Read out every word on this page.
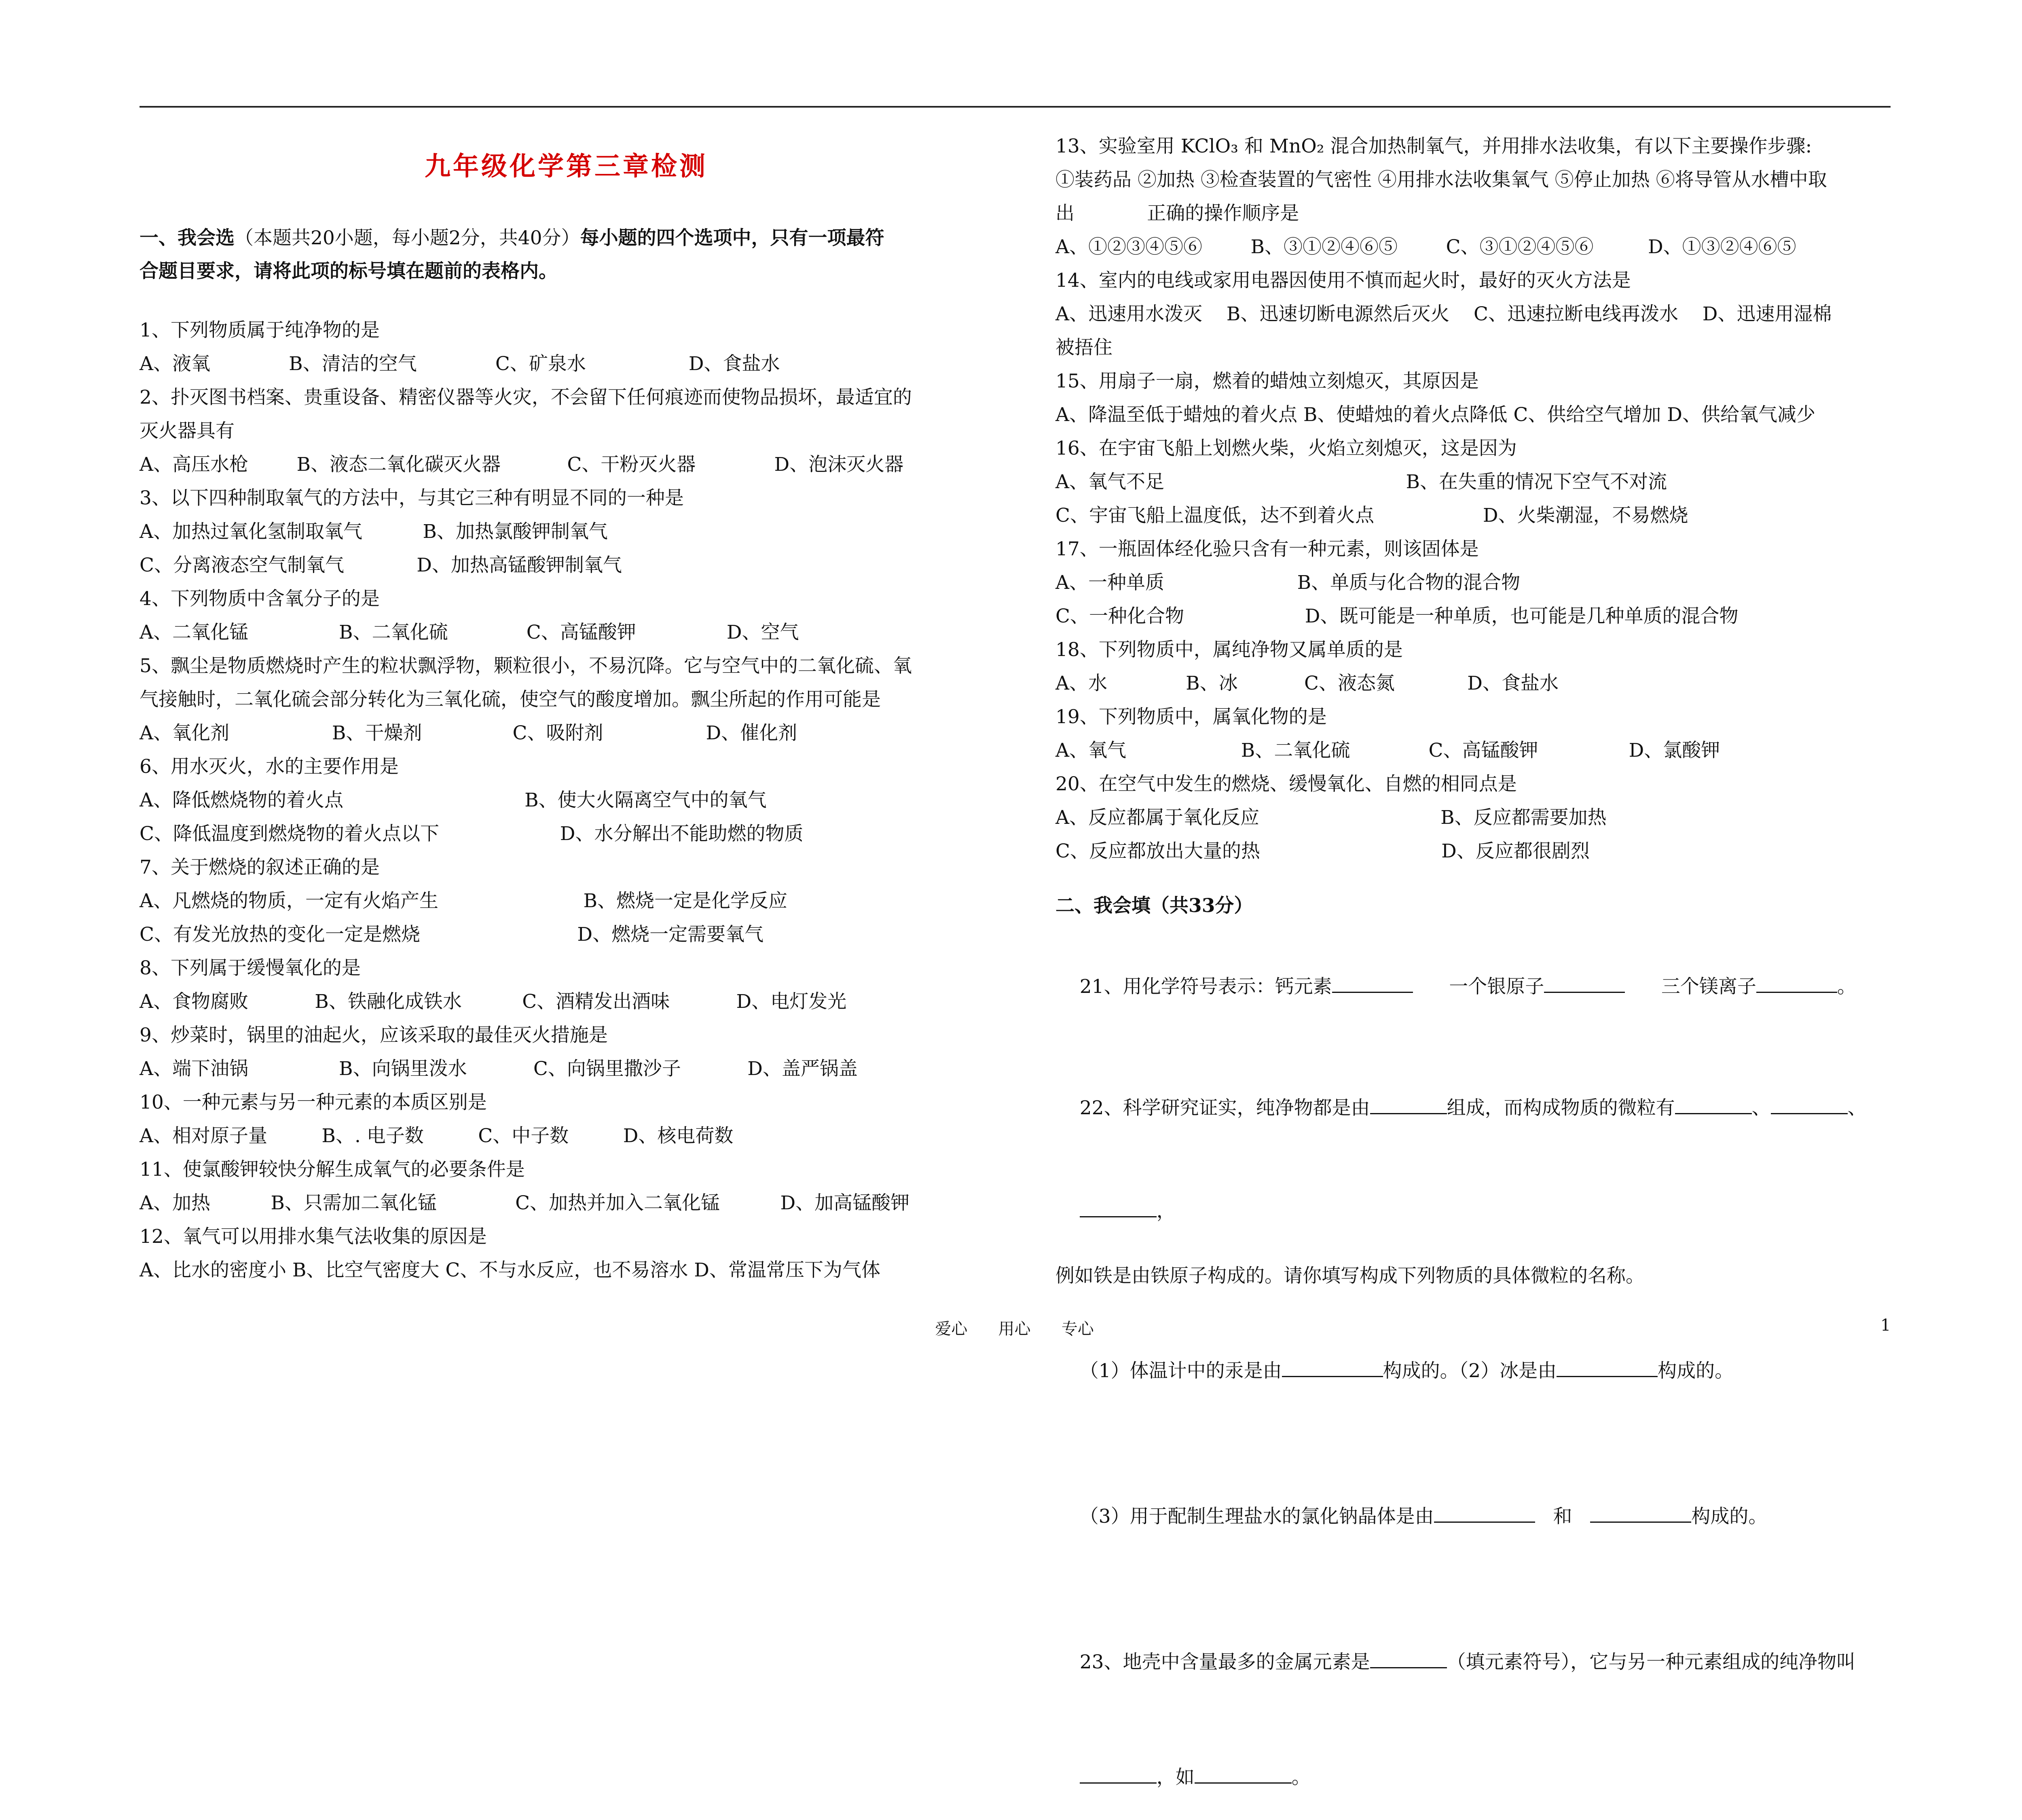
九年级化学第三章检测
一、我会选（本题共20小题，每小题2分，共40分）每小题的四个选项中，只有一项最符
合题目要求，请将此项的标号填在题前的表格内。
1、下列物质属于纯净物的是
A、液氧             B、清洁的空气             C、矿泉水                 D、食盐水
2、扑灭图书档案、贵重设备、精密仪器等火灾，不会留下任何痕迹而使物品损坏，最适宜的
灭火器具有
A、高压水枪        B、液态二氧化碳灭火器           C、干粉灭火器             D、泡沫灭火器
3、以下四种制取氧气的方法中，与其它三种有明显不同的一种是
A、加热过氧化氢制取氧气          B、加热氯酸钾制氧气
C、分离液态空气制氧气            D、加热高锰酸钾制氧气
4、下列物质中含氧分子的是
A、二氧化锰               B、二氧化硫             C、高锰酸钾               D、空气
5、飘尘是物质燃烧时产生的粒状飘浮物，颗粒很小，不易沉降。它与空气中的二氧化硫、氧
气接触时，二氧化硫会部分转化为三氧化硫，使空气的酸度增加。飘尘所起的作用可能是
A、氧化剂                 B、干燥剂               C、吸附剂                 D、催化剂
6、用水灭火，水的主要作用是
A、降低燃烧物的着火点                              B、使大火隔离空气中的氧气
C、降低温度到燃烧物的着火点以下                    D、水分解出不能助燃的物质
7、关于燃烧的叙述正确的是
A、凡燃烧的物质，一定有火焰产生                        B、燃烧一定是化学反应
C、有发光放热的变化一定是燃烧                          D、燃烧一定需要氧气
8、下列属于缓慢氧化的是
A、食物腐败           B、铁融化成铁水          C、酒精发出酒味           D、电灯发光
9、炒菜时，锅里的油起火，应该采取的最佳灭火措施是
A、端下油锅               B、向锅里泼水           C、向锅里撒沙子           D、盖严锅盖
10、一种元素与另一种元素的本质区别是
A、相对原子量         B、. 电子数         C、中子数         D、核电荷数
11、使氯酸钾较快分解生成氧气的必要条件是
A、加热          B、只需加二氧化锰             C、加热并加入二氧化锰          D、加高锰酸钾
12、氧气可以用排水集气法收集的原因是
A、比水的密度小 B、比空气密度大 C、不与水反应，也不易溶水 D、常温常压下为气体
13、实验室用 KClO₃ 和 MnO₂ 混合加热制氧气，并用排水法收集，有以下主要操作步骤:
①装药品 ②加热 ③检查装置的气密性 ④用排水法收集氧气 ⑤停止加热 ⑥将导管从水槽中取
出            正确的操作顺序是
A、①②③④⑤⑥        B、③①②④⑥⑤        C、③①②④⑤⑥         D、①③②④⑥⑤
14、室内的电线或家用电器因使用不慎而起火时，最好的灭火方法是
A、迅速用水泼灭    B、迅速切断电源然后灭火    C、迅速拉断电线再泼水    D、迅速用湿棉
被捂住
15、用扇子一扇，燃着的蜡烛立刻熄灭，其原因是
A、降温至低于蜡烛的着火点 B、使蜡烛的着火点降低 C、供给空气增加 D、供给氧气减少
16、在宇宙飞船上划燃火柴，火焰立刻熄灭，这是因为
A、氧气不足                                        B、在失重的情况下空气不对流
C、宇宙飞船上温度低，达不到着火点                  D、火柴潮湿，不易燃烧
17、一瓶固体经化验只含有一种元素，则该固体是
A、一种单质                      B、单质与化合物的混合物
C、一种化合物                    D、既可能是一种单质，也可能是几种单质的混合物
18、下列物质中，属纯净物又属单质的是
A、水             B、冰           C、液态氮            D、食盐水
19、下列物质中，属氧化物的是
A、氧气                   B、二氧化硫             C、高锰酸钾               D、氯酸钾
20、在空气中发生的燃烧、缓慢氧化、自燃的相同点是
A、反应都属于氧化反应                              B、反应都需要加热
C、反应都放出大量的热                              D、反应都很剧烈
二、我会填（共33分）

21、用化学符号表示：钙元素	一个银原子	三个镁离子	。

22、科学研究证实，纯净物都是由	组成，而构成物质的微粒有	、	、

，

例如铁是由铁原子构成的。请你填写构成下列物质的具体微粒的名称。

（1）体温计中的汞是由	构成的。（2）冰是由	构成的。

（3）用于配制生理盐水的氯化钠晶体是由	和	构成的。

23、地壳中含量最多的金属元素是	（填元素符号），它与另一种元素组成的纯净物叫

，如	。

爱心      用心      专心	1
